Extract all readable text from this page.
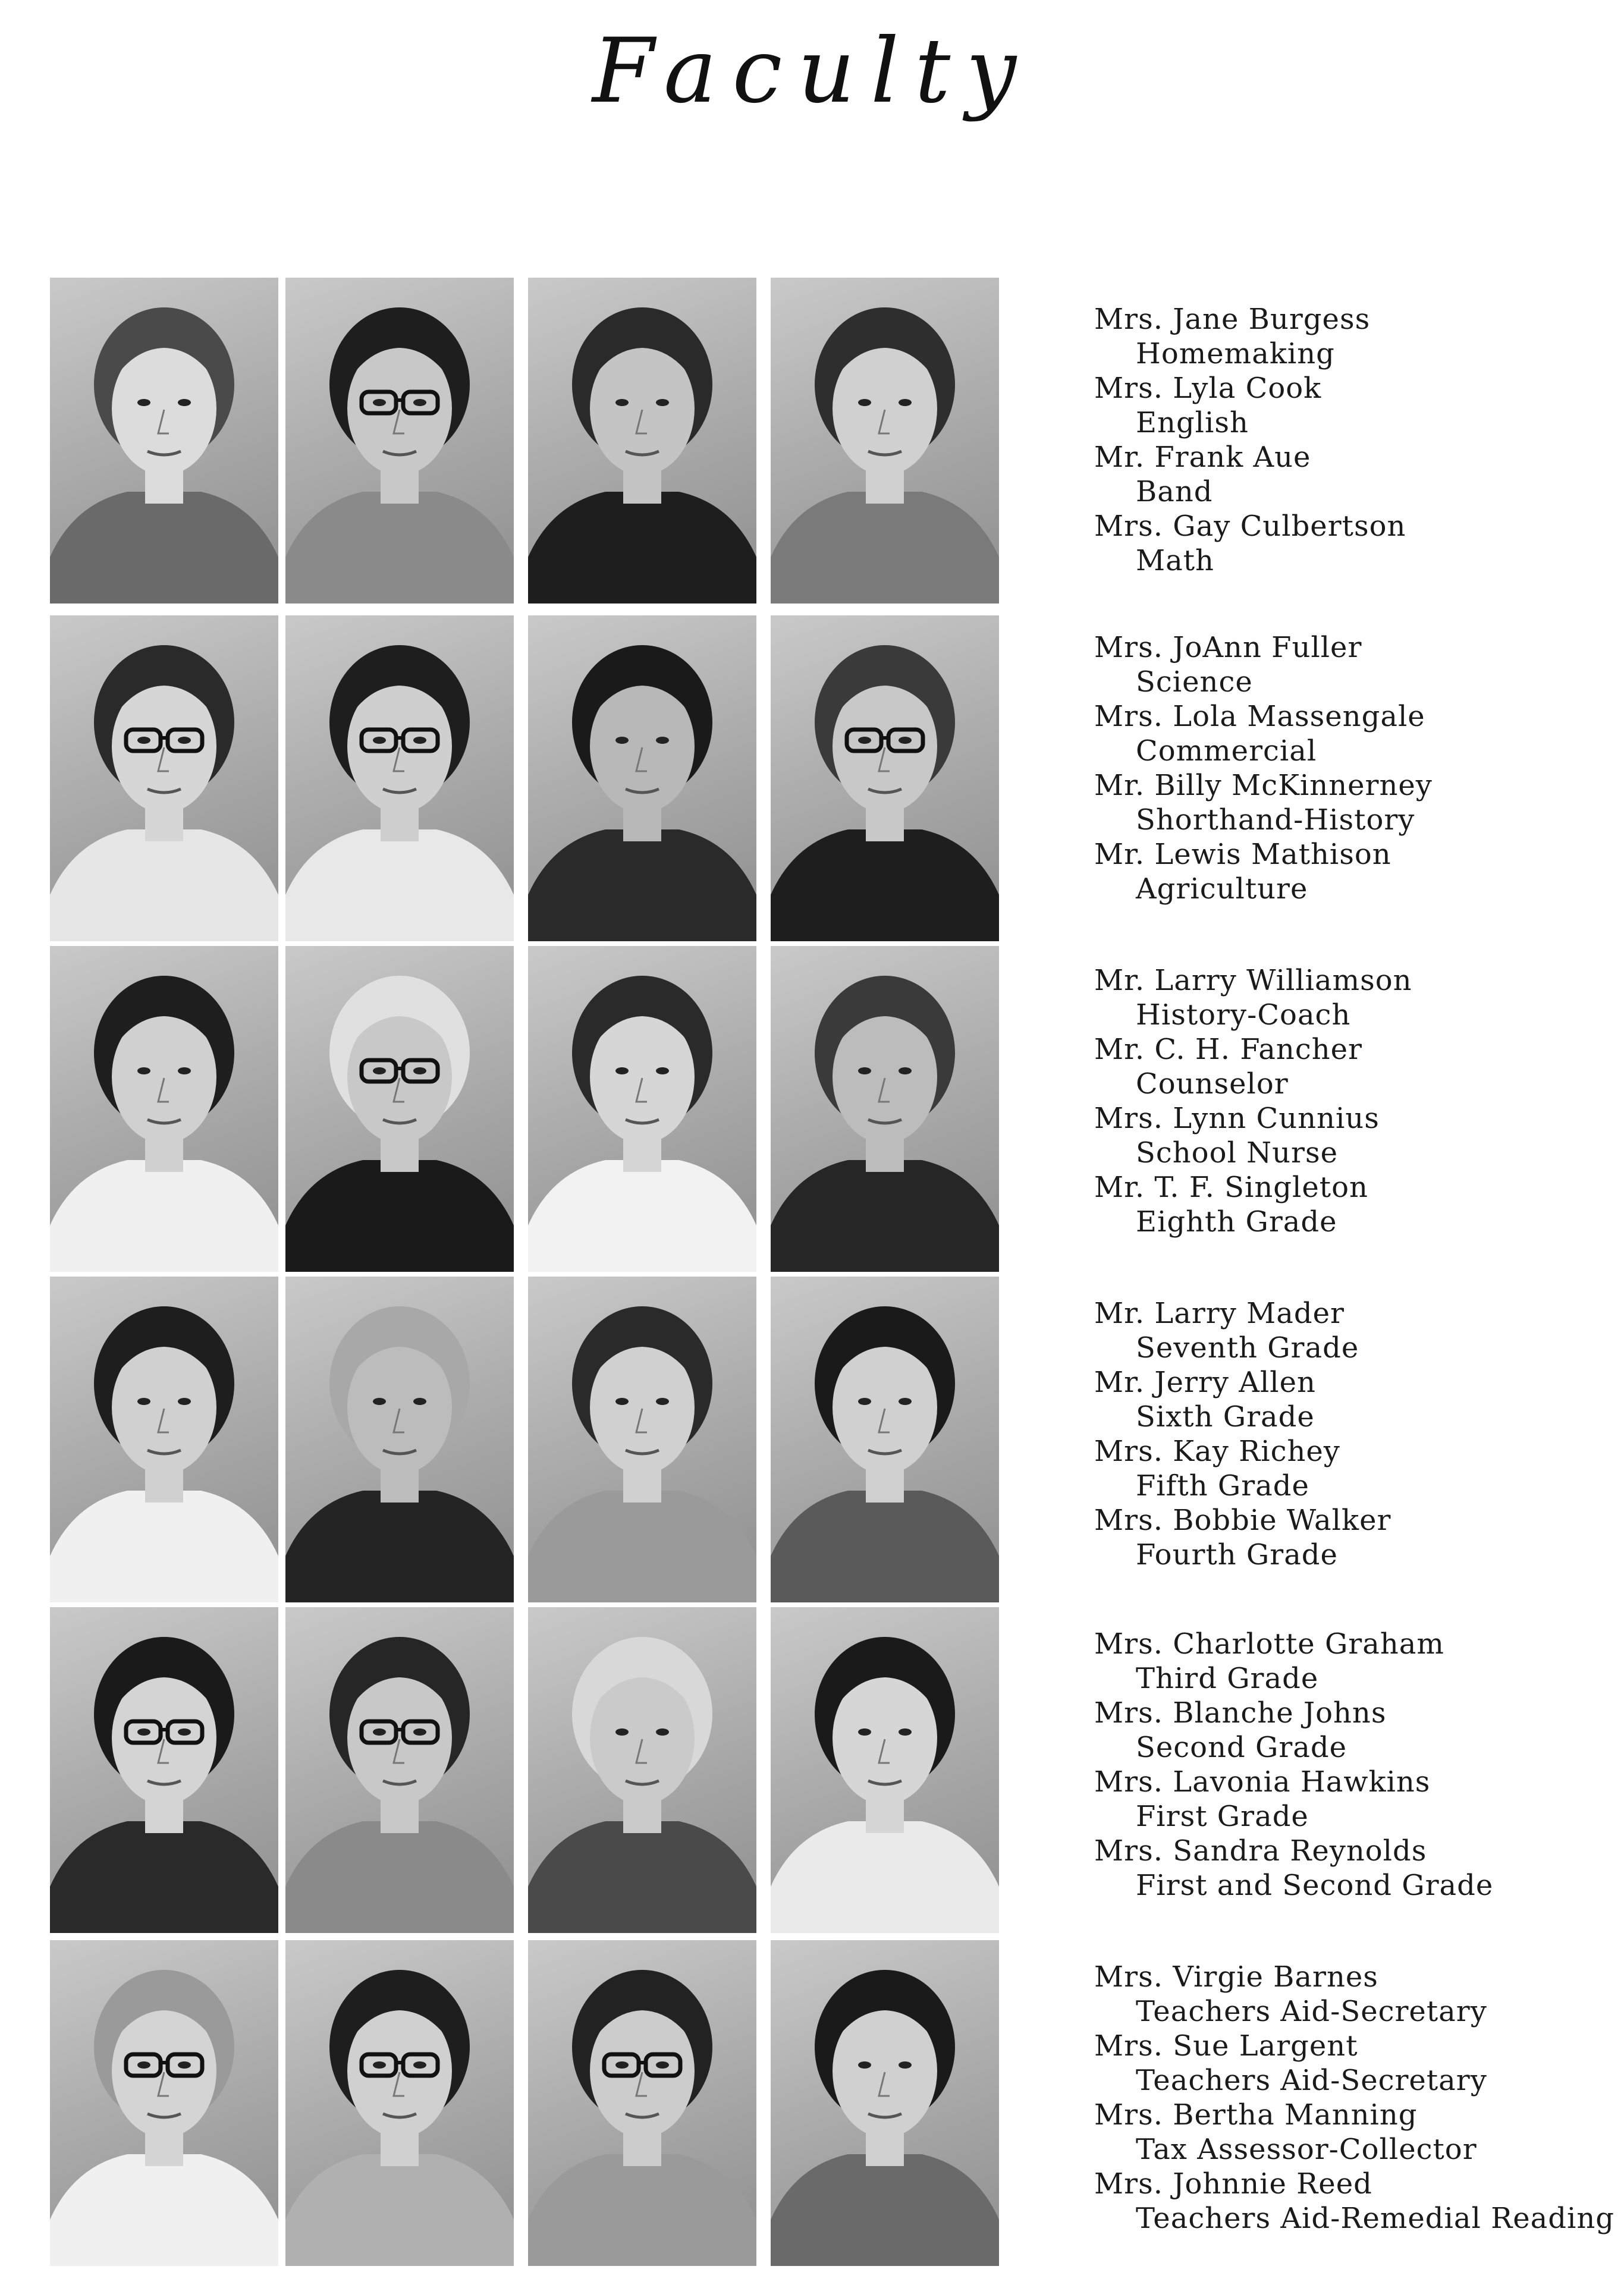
Faculty
Mrs. Jane Burgess
Homemaking
Mrs. Lyla Cook
English
Mr. Frank Aue
Band
Mrs. Gay Culbertson
Math
Mrs. JoAnn Fuller
Science
Mrs. Lola Massengale
Commercial
Mr. Billy McKinnerney
Shorthand-History
Mr. Lewis Mathison
Agriculture
Mr. Larry Williamson
History-Coach
Mr. C. H. Fancher
Counselor
Mrs. Lynn Cunnius
School Nurse
Mr. T. F. Singleton
Eighth Grade
Mr. Larry Mader
Seventh Grade
Mr. Jerry Allen
Sixth Grade
Mrs. Kay Richey
Fifth Grade
Mrs. Bobbie Walker
Fourth Grade
Mrs. Charlotte Graham
Third Grade
Mrs. Blanche Johns
Second Grade
Mrs. Lavonia Hawkins
First Grade
Mrs. Sandra Reynolds
First and Second Grade
Mrs. Virgie Barnes
Teachers Aid-Secretary
Mrs. Sue Largent
Teachers Aid-Secretary
Mrs. Bertha Manning
Tax Assessor-Collector
Mrs. Johnnie Reed
Teachers Aid-Remedial Reading
